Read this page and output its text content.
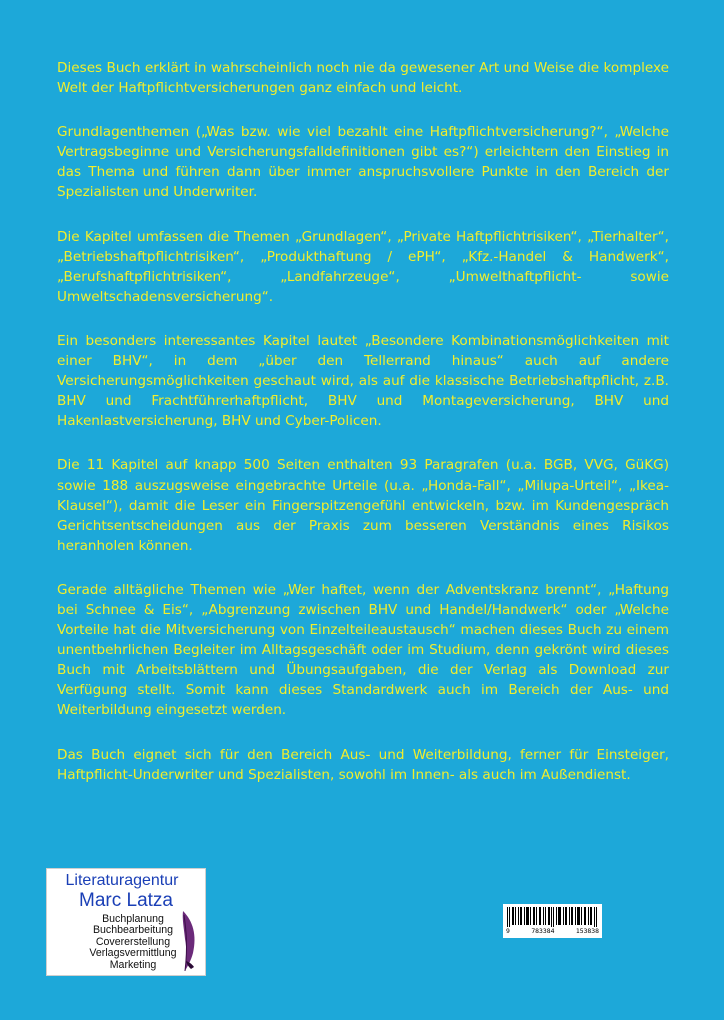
Dieses Buch erklärt in wahrscheinlich noch nie da gewesener Art und Weise die komplexe Welt der Haftpflichtversicherungen ganz einfach und leicht.

Grundlagenthemen („Was bzw. wie viel bezahlt eine Haftpflichtversicherung?“, „Welche Vertragsbeginne und Versicherungsfalldefinitionen gibt es?“) erleichtern den Einstieg in das Thema und führen dann über immer anspruchsvollere Punkte in den Bereich der Spezialisten und Underwriter.

Die Kapitel umfassen die Themen „Grundlagen“, „Private Haftpflichtrisiken“, „Tierhalter“, „Betriebshaftpflichtrisiken“, „Produkthaftung / ePH“, „Kfz.-Handel & Handwerk“, „Berufshaftpflichtrisiken“, „Landfahrzeuge“, „Umwelthaftpflicht- sowie Umweltschadensversicherung“.

Ein besonders interessantes Kapitel lautet „Besondere Kombinationsmöglichkeiten mit einer BHV“, in dem „über den Tellerrand hinaus“ auch auf andere Versicherungsmöglichkeiten geschaut wird, als auf die klassische Betriebshaftpflicht, z.B. BHV und Frachtführerhaftpflicht, BHV und Montageversicherung, BHV und Hakenlastversicherung, BHV und Cyber-Policen.

Die 11 Kapitel auf knapp 500 Seiten enthalten 93 Paragrafen (u.a. BGB, VVG, GüKG) sowie 188 auszugsweise eingebrachte Urteile (u.a. „Honda-Fall“, „Milupa-Urteil“, „Ikea-Klausel“), damit die Leser ein Fingerspitzengefühl entwickeln, bzw. im Kundengespräch Gerichtsentscheidungen aus der Praxis zum besseren Verständnis eines Risikos heranholen können.

Gerade alltägliche Themen wie „Wer haftet, wenn der Adventskranz brennt“, „Haftung bei Schnee & Eis“, „Abgrenzung zwischen BHV und Handel/Handwerk“ oder „Welche Vorteile hat die Mitversicherung von Einzelteileaustausch“ machen dieses Buch zu einem unentbehrlichen Begleiter im Alltagsgeschäft oder im Studium, denn gekrönt wird dieses Buch mit Arbeitsblättern und Übungsaufgaben, die der Verlag als Download zur Verfügung stellt. Somit kann dieses Standardwerk auch im Bereich der Aus- und Weiterbildung eingesetzt werden.

Das Buch eignet sich für den Bereich Aus- und Weiterbildung, ferner für Einsteiger, Haftpflicht-Underwriter und Spezialisten, sowohl im Innen- als auch im Außendienst.

Literaturagentur
Marc Latza
Buchplanung
Buchbearbeitung
Covererstellung
Verlagsvermittlung
Marketing
9	783384	153838
